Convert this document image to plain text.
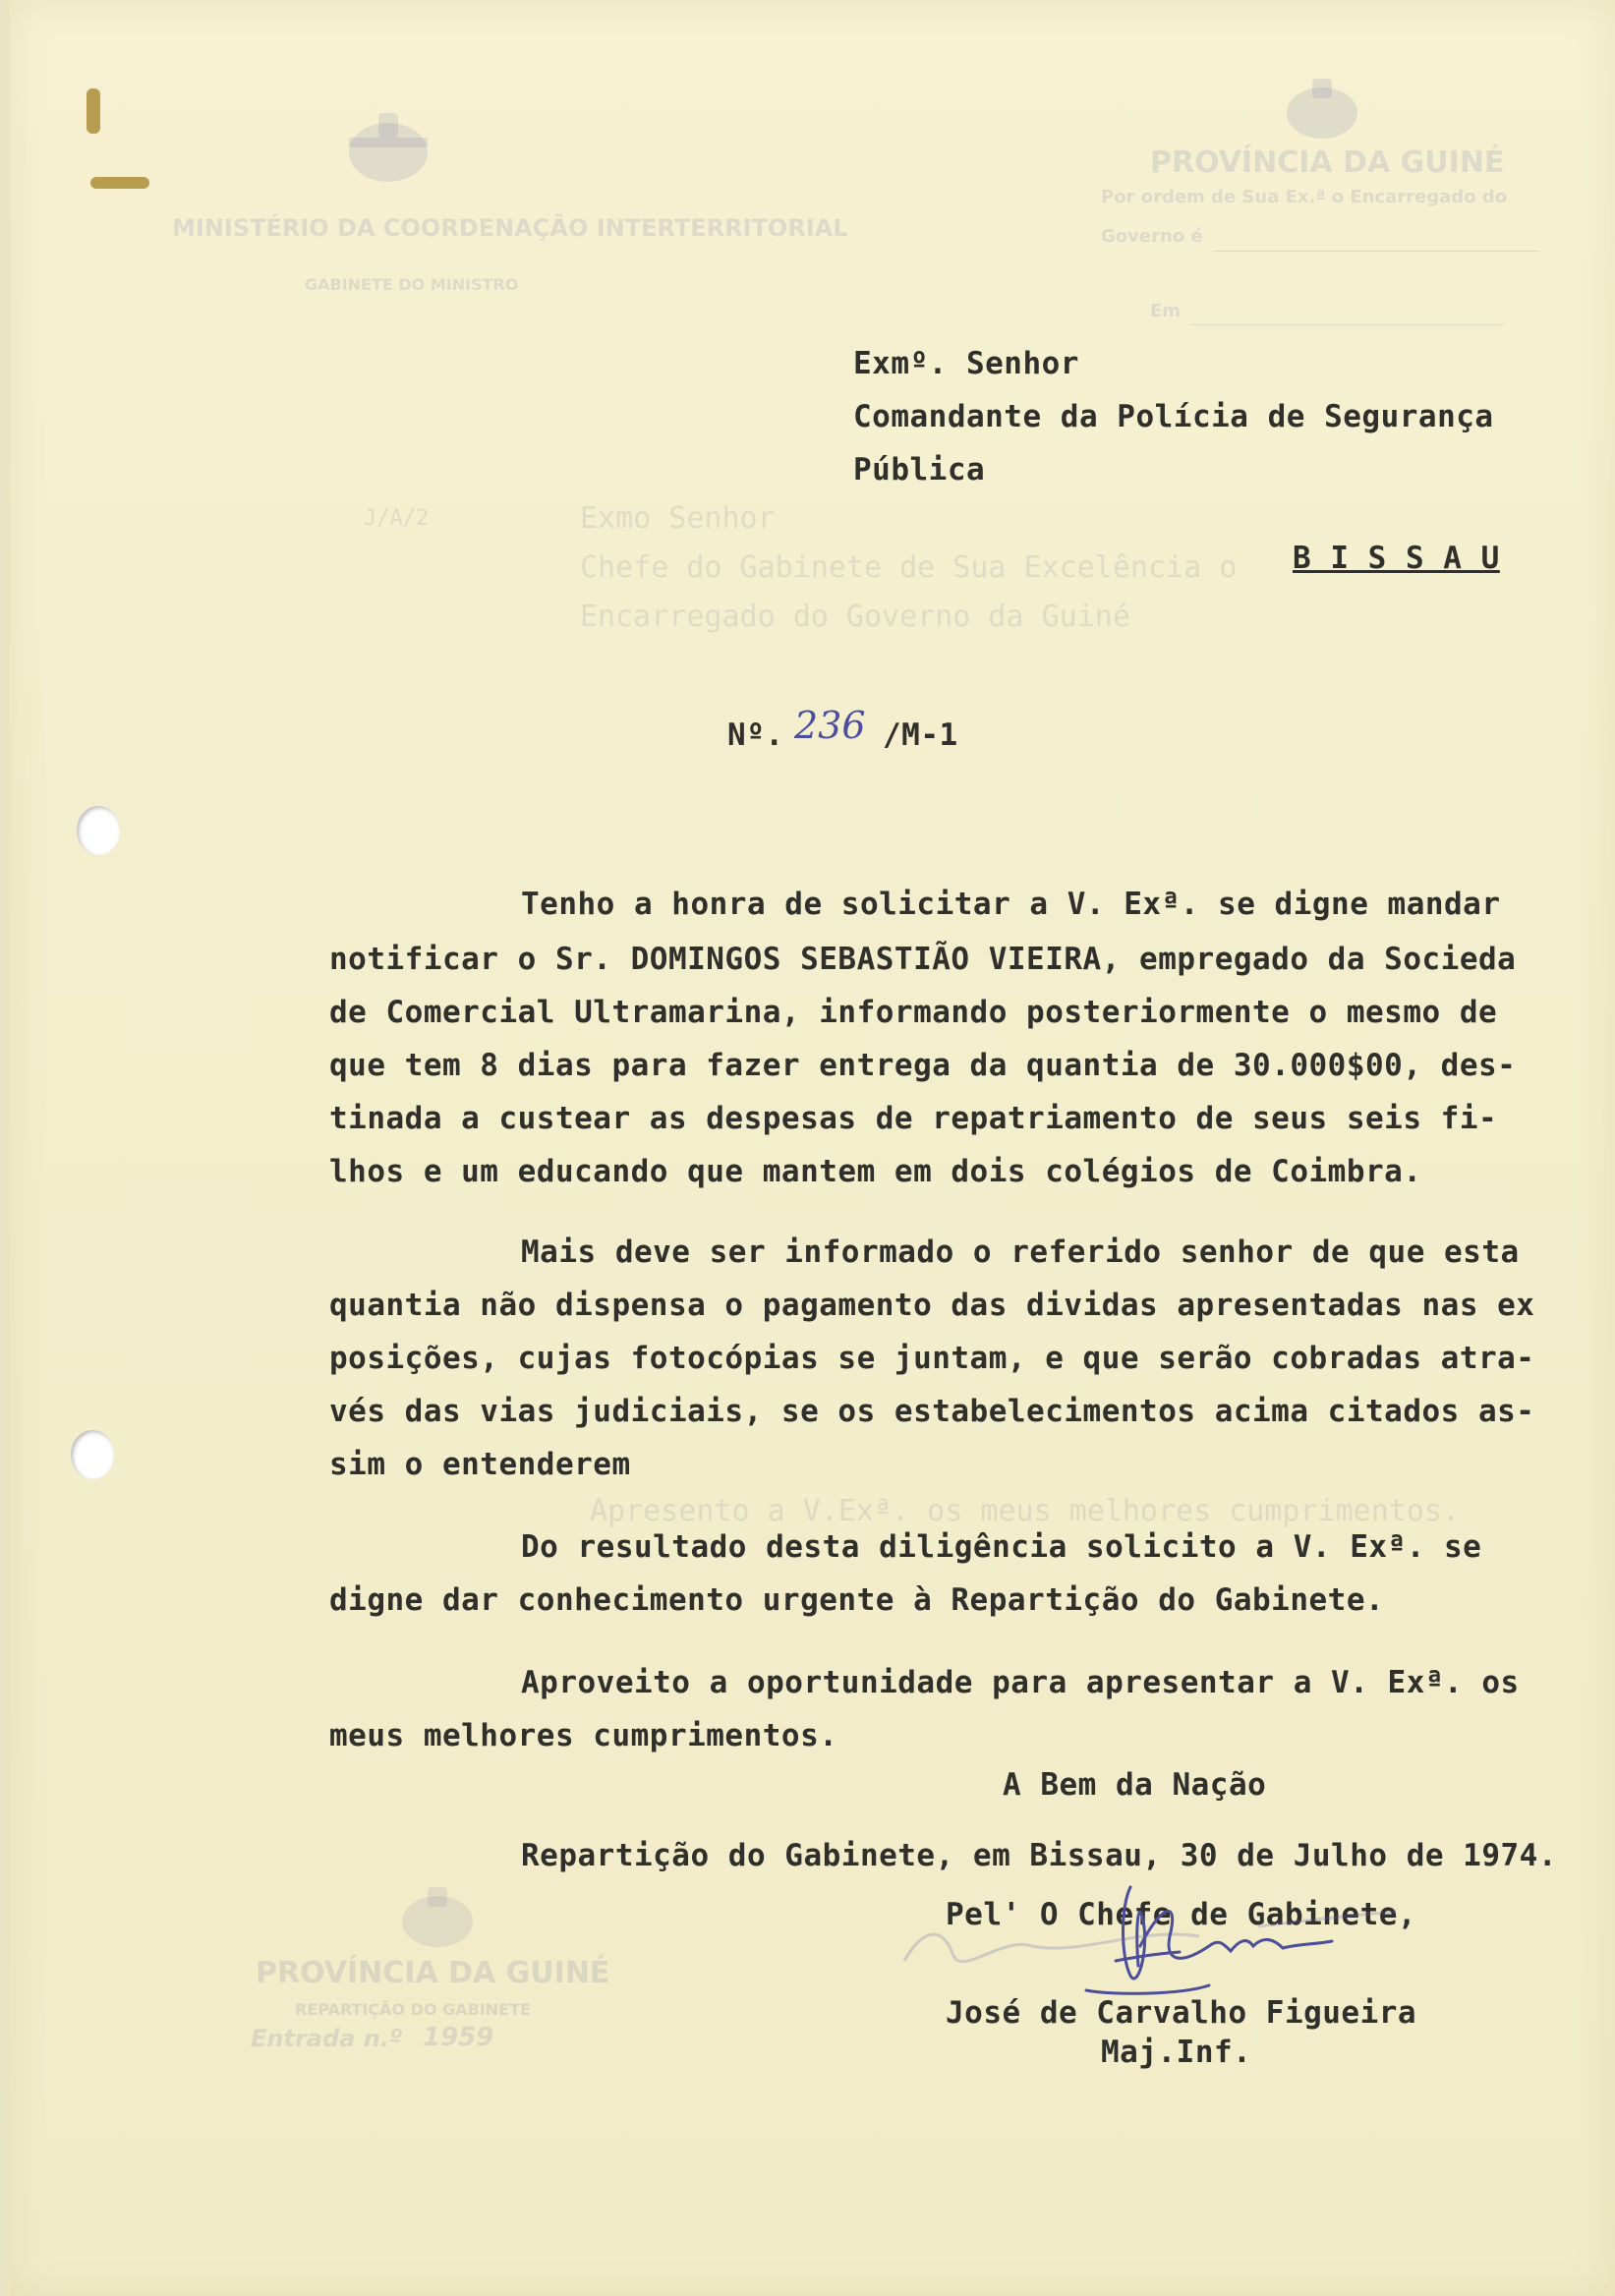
MINISTÉRIO DA COORDENAÇÃO INTERTERRITORIAL
GABINETE DO MINISTRO
PROVÍNCIA DA GUINÉ
Por ordem de Sua Ex.ª o Encarregado do
Governo é
Em
J/A/2	Exmo Senhor
Chefe do Gabinete de Sua Excelência o
Encarregado do Governo da Guiné
Apresento a V.Exª. os meus melhores cumprimentos.
Exmº. Senhor
Comandante da Polícia de Segurança
Pública
B I S S A U
Nº. 236 /M-1
Tenho a honra de solicitar a V. Exª. se digne mandar
notificar o Sr. DOMINGOS SEBASTIÃO VIEIRA, empregado da Socieda
de Comercial Ultramarina, informando posteriormente o mesmo de
que tem 8 dias para fazer entrega da quantia de 30.000$00, des-
tinada a custear as despesas de repatriamento de seus seis fi-
lhos e um educando que mantem em dois colégios de Coimbra.
Mais deve ser informado o referido senhor de que esta
quantia não dispensa o pagamento das dividas apresentadas nas ex
posições, cujas fotocópias se juntam, e que serão cobradas atra-
vés das vias judiciais, se os estabelecimentos acima citados as-
sim o entenderem
Do resultado desta diligência solicito a V. Exª. se
digne dar conhecimento urgente à Repartição do Gabinete.
Aproveito a oportunidade para apresentar a V. Exª. os
meus melhores cumprimentos.
A Bem da Nação
Repartição do Gabinete, em Bissau, 30 de Julho de 1974.
Pel' O Chefe de Gabinete,
José de Carvalho Figueira
Maj.Inf.
PROVÍNCIA DA GUINÉ
REPARTIÇÃO DO GABINETE
Entrada n.º 1959
